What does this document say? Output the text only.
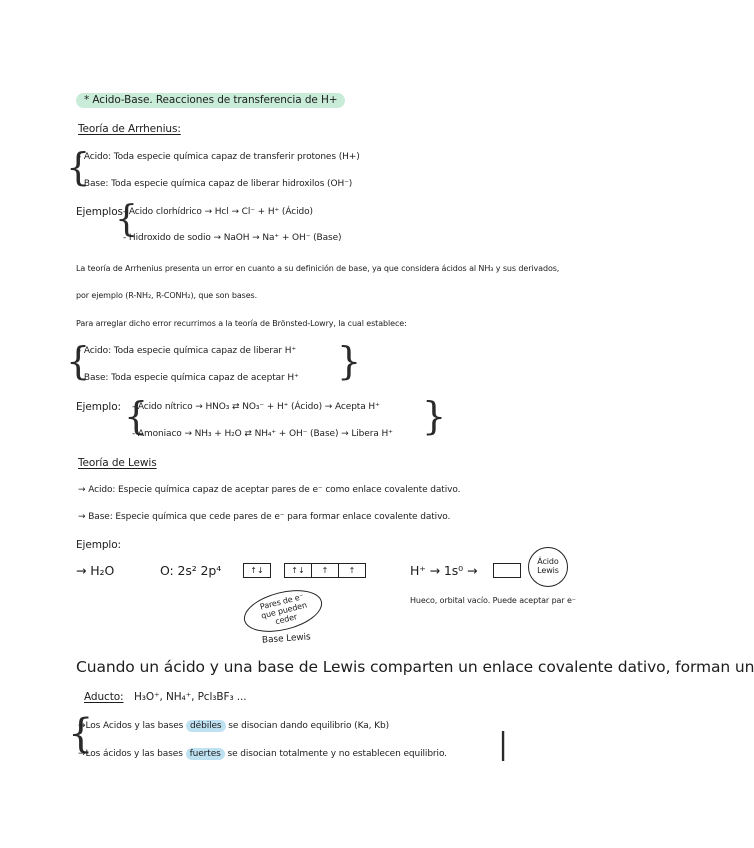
* Acido-Base. Reacciones de transferencia de H+
Teoría de Arrhenius:
{
- Acido: Toda especie química capaz de transferir protones (H+)
- Base: Toda especie química capaz de liberar hidroxilos (OH⁻)
Ejemplos
{
- Acido clorhídrico → Hcl → Cl⁻ + H⁺ (Ácido)
- Hidroxido de sodio → NaOH → Na⁺ + OH⁻ (Base)
La teoría de Arrhenius presenta un error en cuanto a su definición de base, ya que considera ácidos al NH₃ y sus derivados,
por ejemplo (R-NH₂, R-CONH₂), que son bases.
Para arreglar dicho error recurrimos a la teoría de Brönsted-Lowry, la cual establece:
{
- Acido: Toda especie química capaz de liberar H⁺
- Base: Toda especie química capaz de aceptar H⁺ }
Ejemplo: {
- Acido nítrico → HNO₃ ⇄ NO₃⁻ + H⁺ (Ácido) → Acepta H⁺
- Amoniaco → NH₃ + H₂O ⇄ NH₄⁺ + OH⁻ (Base) → Libera H⁺ }
Teoría de Lewis
→ Acido: Especie química capaz de aceptar pares de e⁻ como enlace covalente dativo.
→ Base: Especie química que cede pares de e⁻ para formar enlace covalente dativo.
Ejemplo:
→ H₂O	O: 2s² 2p⁴	↑↓	↑↓	↑	↑
Pares de e⁻ que pueden ceder
Base Lewis
H⁺ → 1s⁰ →
Ácido Lewis
Hueco, orbital vacío. Puede aceptar par e⁻
Cuando un ácido y una base de Lewis comparten un enlace covalente dativo, forman un
Aducto: H₃O⁺, NH₄⁺, Pcl₃BF₃ ...
{
→Los Acidos y las bases débiles se disocian dando equilibrio (Ka, Kb)
→Los ácidos y las bases fuertes se disocian totalmente y no establecen equilibrio. |
